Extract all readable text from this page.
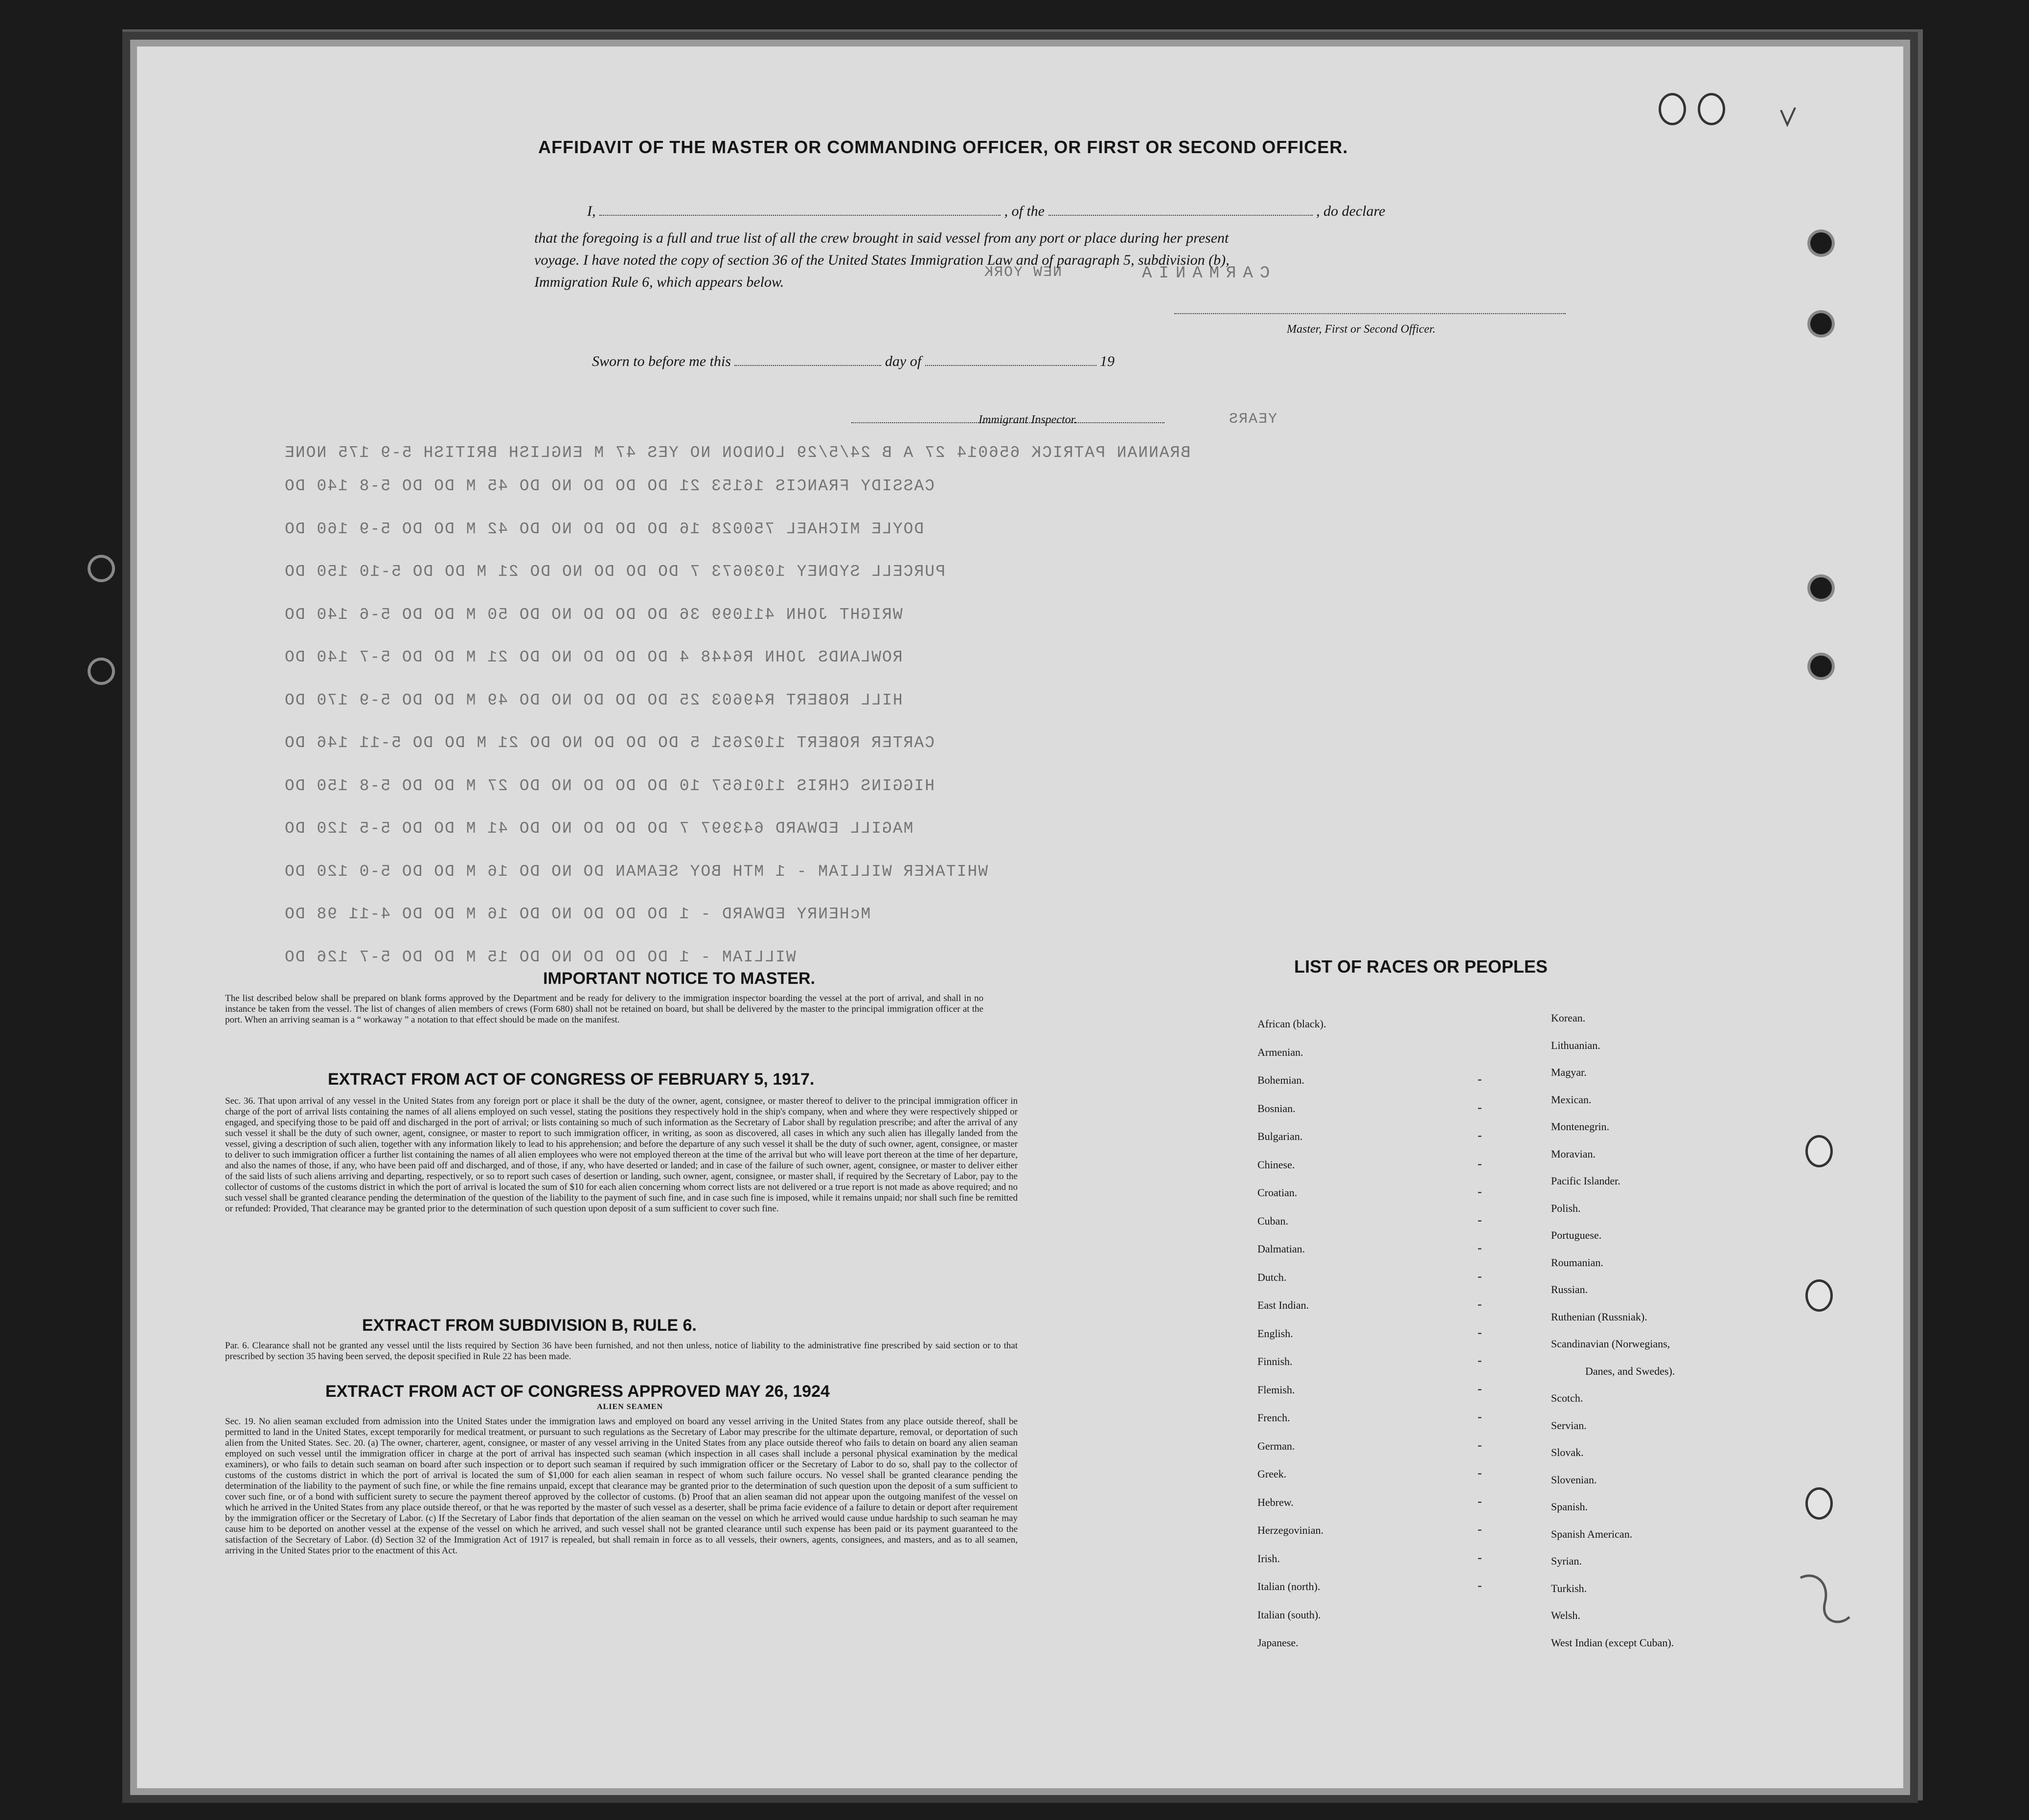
CARMANIA
NEW YORK
YEARS
BRANNAN PATRICK 656014 27 A B 24/5/29 LONDON NO YES 47 M ENGLISH BRITISH 5-9 175 NONE
CASSIDY FRANCIS 16153 21 DO DO DO NO DO 45 M DO DO 5-8 140 DO
DOYLE MICHAEL 750028 16 DO DO DO NO DO 42 M DO DO 5-9 160 DO
PURCELL SYDNEY 1030673 7 DO DO DO NO DO 21 M DO DO 5-10 150 DO
WRIGHT JOHN 411099 36 DO DO DO NO DO 50 M DO DO 5-6 140 DO
ROWLANDS JOHN R6448 4 DO DO DO NO DO 21 M DO DO 5-7 140 DO
HILL ROBERT R49603 25 DO DO DO NO DO 49 M DO DO 5-9 170 DO
CARTER ROBERT 1102651 5 DO DO DO NO DO 21 M DO DO 5-11 146 DO
HIGGINS CHRIS 1101657 10 DO DO DO NO DO 27 M DO DO 5-8 150 DO
MAGILL EDWARD 643997 7 DO DO DO NO DO 41 M DO DO 5-5 120 DO
WHITAKER WILLIAM - 1 MTH BOY SEAMAN DO NO DO 16 M DO DO 5-0 120 DO
McHENRY EDWARD - 1 DO DO DO NO DO 16 M DO DO 4-11 98 DO
WILLIAM - 1 DO DO DO NO DO 15 M DO DO 5-7 126 DO
AFFIDAVIT OF THE MASTER OR COMMANDING OFFICER, OR FIRST OR SECOND OFFICER.
I,	, of the	, do declare
that the foregoing is a full and true list of all the crew brought in said vessel from any port or place during her present
voyage. I have noted the copy of section 36 of the United States Immigration Law and of paragraph 5, subdivision (b),
Immigration Rule 6, which appears below.
Master, First or Second Officer.
Sworn to before me this	day of	19
Immigrant Inspector.
IMPORTANT NOTICE TO MASTER.
The list described below shall be prepared on blank forms approved by the Department and be ready for delivery to the immigration inspector boarding the vessel at the port of arrival, and shall in no instance be taken from the vessel. The list of changes of alien members of crews (Form 680) shall not be retained on board, but shall be delivered by the master to the principal immigration officer at the port. When an arriving seaman is a “ workaway ” a notation to that effect should be made on the manifest.
EXTRACT FROM ACT OF CONGRESS OF FEBRUARY 5, 1917.
Sec. 36. That upon arrival of any vessel in the United States from any foreign port or place it shall be the duty of the owner, agent, consignee, or master thereof to deliver to the principal immigration officer in charge of the port of arrival lists containing the names of all aliens employed on such vessel, stating the positions they respectively hold in the ship's company, when and where they were respectively shipped or engaged, and specifying those to be paid off and discharged in the port of arrival; or lists containing so much of such information as the Secretary of Labor shall by regulation prescribe; and after the arrival of any such vessel it shall be the duty of such owner, agent, consignee, or master to report to such immigration officer, in writing, as soon as discovered, all cases in which any such alien has illegally landed from the vessel, giving a description of such alien, together with any information likely to lead to his apprehension; and before the departure of any such vessel it shall be the duty of such owner, agent, consignee, or master to deliver to such immigration officer a further list containing the names of all alien employees who were not employed thereon at the time of the arrival but who will leave port thereon at the time of her departure, and also the names of those, if any, who have been paid off and discharged, and of those, if any, who have deserted or landed; and in case of the failure of such owner, agent, consignee, or master to deliver either of the said lists of such aliens arriving and departing, respectively, or so to report such cases of desertion or landing, such owner, agent, consignee, or master shall, if required by the Secretary of Labor, pay to the collector of customs of the customs district in which the port of arrival is located the sum of $10 for each alien concerning whom correct lists are not delivered or a true report is not made as above required; and no such vessel shall be granted clearance pending the determination of the question of the liability to the payment of such fine, and in case such fine is imposed, while it remains unpaid; nor shall such fine be remitted or refunded: Provided, That clearance may be granted prior to the determination of such question upon deposit of a sum sufficient to cover such fine.
EXTRACT FROM SUBDIVISION B, RULE 6.
Par. 6. Clearance shall not be granted any vessel until the lists required by Section 36 have been furnished, and not then unless, notice of liability to the administrative fine prescribed by said section or to that prescribed by section 35 having been served, the deposit specified in Rule 22 has been made.
EXTRACT FROM ACT OF CONGRESS APPROVED MAY 26, 1924
ALIEN SEAMEN
Sec. 19. No alien seaman excluded from admission into the United States under the immigration laws and employed on board any vessel arriving in the United States from any place outside thereof, shall be permitted to land in the United States, except temporarily for medical treatment, or pursuant to such regulations as the Secretary of Labor may prescribe for the ultimate departure, removal, or deportation of such alien from the United States. Sec. 20. (a) The owner, charterer, agent, consignee, or master of any vessel arriving in the United States from any place outside thereof who fails to detain on board any alien seaman employed on such vessel until the immigration officer in charge at the port of arrival has inspected such seaman (which inspection in all cases shall include a personal physical examination by the medical examiners), or who fails to detain such seaman on board after such inspection or to deport such seaman if required by such immigration officer or the Secretary of Labor to do so, shall pay to the collector of customs of the customs district in which the port of arrival is located the sum of $1,000 for each alien seaman in respect of whom such failure occurs. No vessel shall be granted clearance pending the determination of the liability to the payment of such fine, or while the fine remains unpaid, except that clearance may be granted prior to the determination of such question upon the deposit of a sum sufficient to cover such fine, or of a bond with sufficient surety to secure the payment thereof approved by the collector of customs. (b) Proof that an alien seaman did not appear upon the outgoing manifest of the vessel on which he arrived in the United States from any place outside thereof, or that he was reported by the master of such vessel as a deserter, shall be prima facie evidence of a failure to detain or deport after requirement by the immigration officer or the Secretary of Labor. (c) If the Secretary of Labor finds that deportation of the alien seaman on the vessel on which he arrived would cause undue hardship to such seaman he may cause him to be deported on another vessel at the expense of the vessel on which he arrived, and such vessel shall not be granted clearance until such expense has been paid or its payment guaranteed to the satisfaction of the Secretary of Labor. (d) Section 32 of the Immigration Act of 1917 is repealed, but shall remain in force as to all vessels, their owners, agents, consignees, and masters, and as to all seamen, arriving in the United States prior to the enactment of this Act.
LIST OF RACES OR PEOPLES
African (black).
Armenian.
Bohemian.	-
Bosnian.	-
Bulgarian.	-
Chinese.	-
Croatian.	-
Cuban.	-
Dalmatian.	-
Dutch.	-
East Indian.	-
English.	-
Finnish.	-
Flemish.	-
French.	-
German.	-
Greek.	-
Hebrew.	-
Herzegovinian.	-
Irish.	-
Italian (north).	-
Italian (south).
Japanese.
Korean.
Lithuanian.
Magyar.
Mexican.
Montenegrin.
Moravian.
Pacific Islander.
Polish.
Portuguese.
Roumanian.
Russian.
Ruthenian (Russniak).
Scandinavian (Norwegians,
Danes, and Swedes).
Scotch.
Servian.
Slovak.
Slovenian.
Spanish.
Spanish American.
Syrian.
Turkish.
Welsh.
West Indian (except Cuban).
